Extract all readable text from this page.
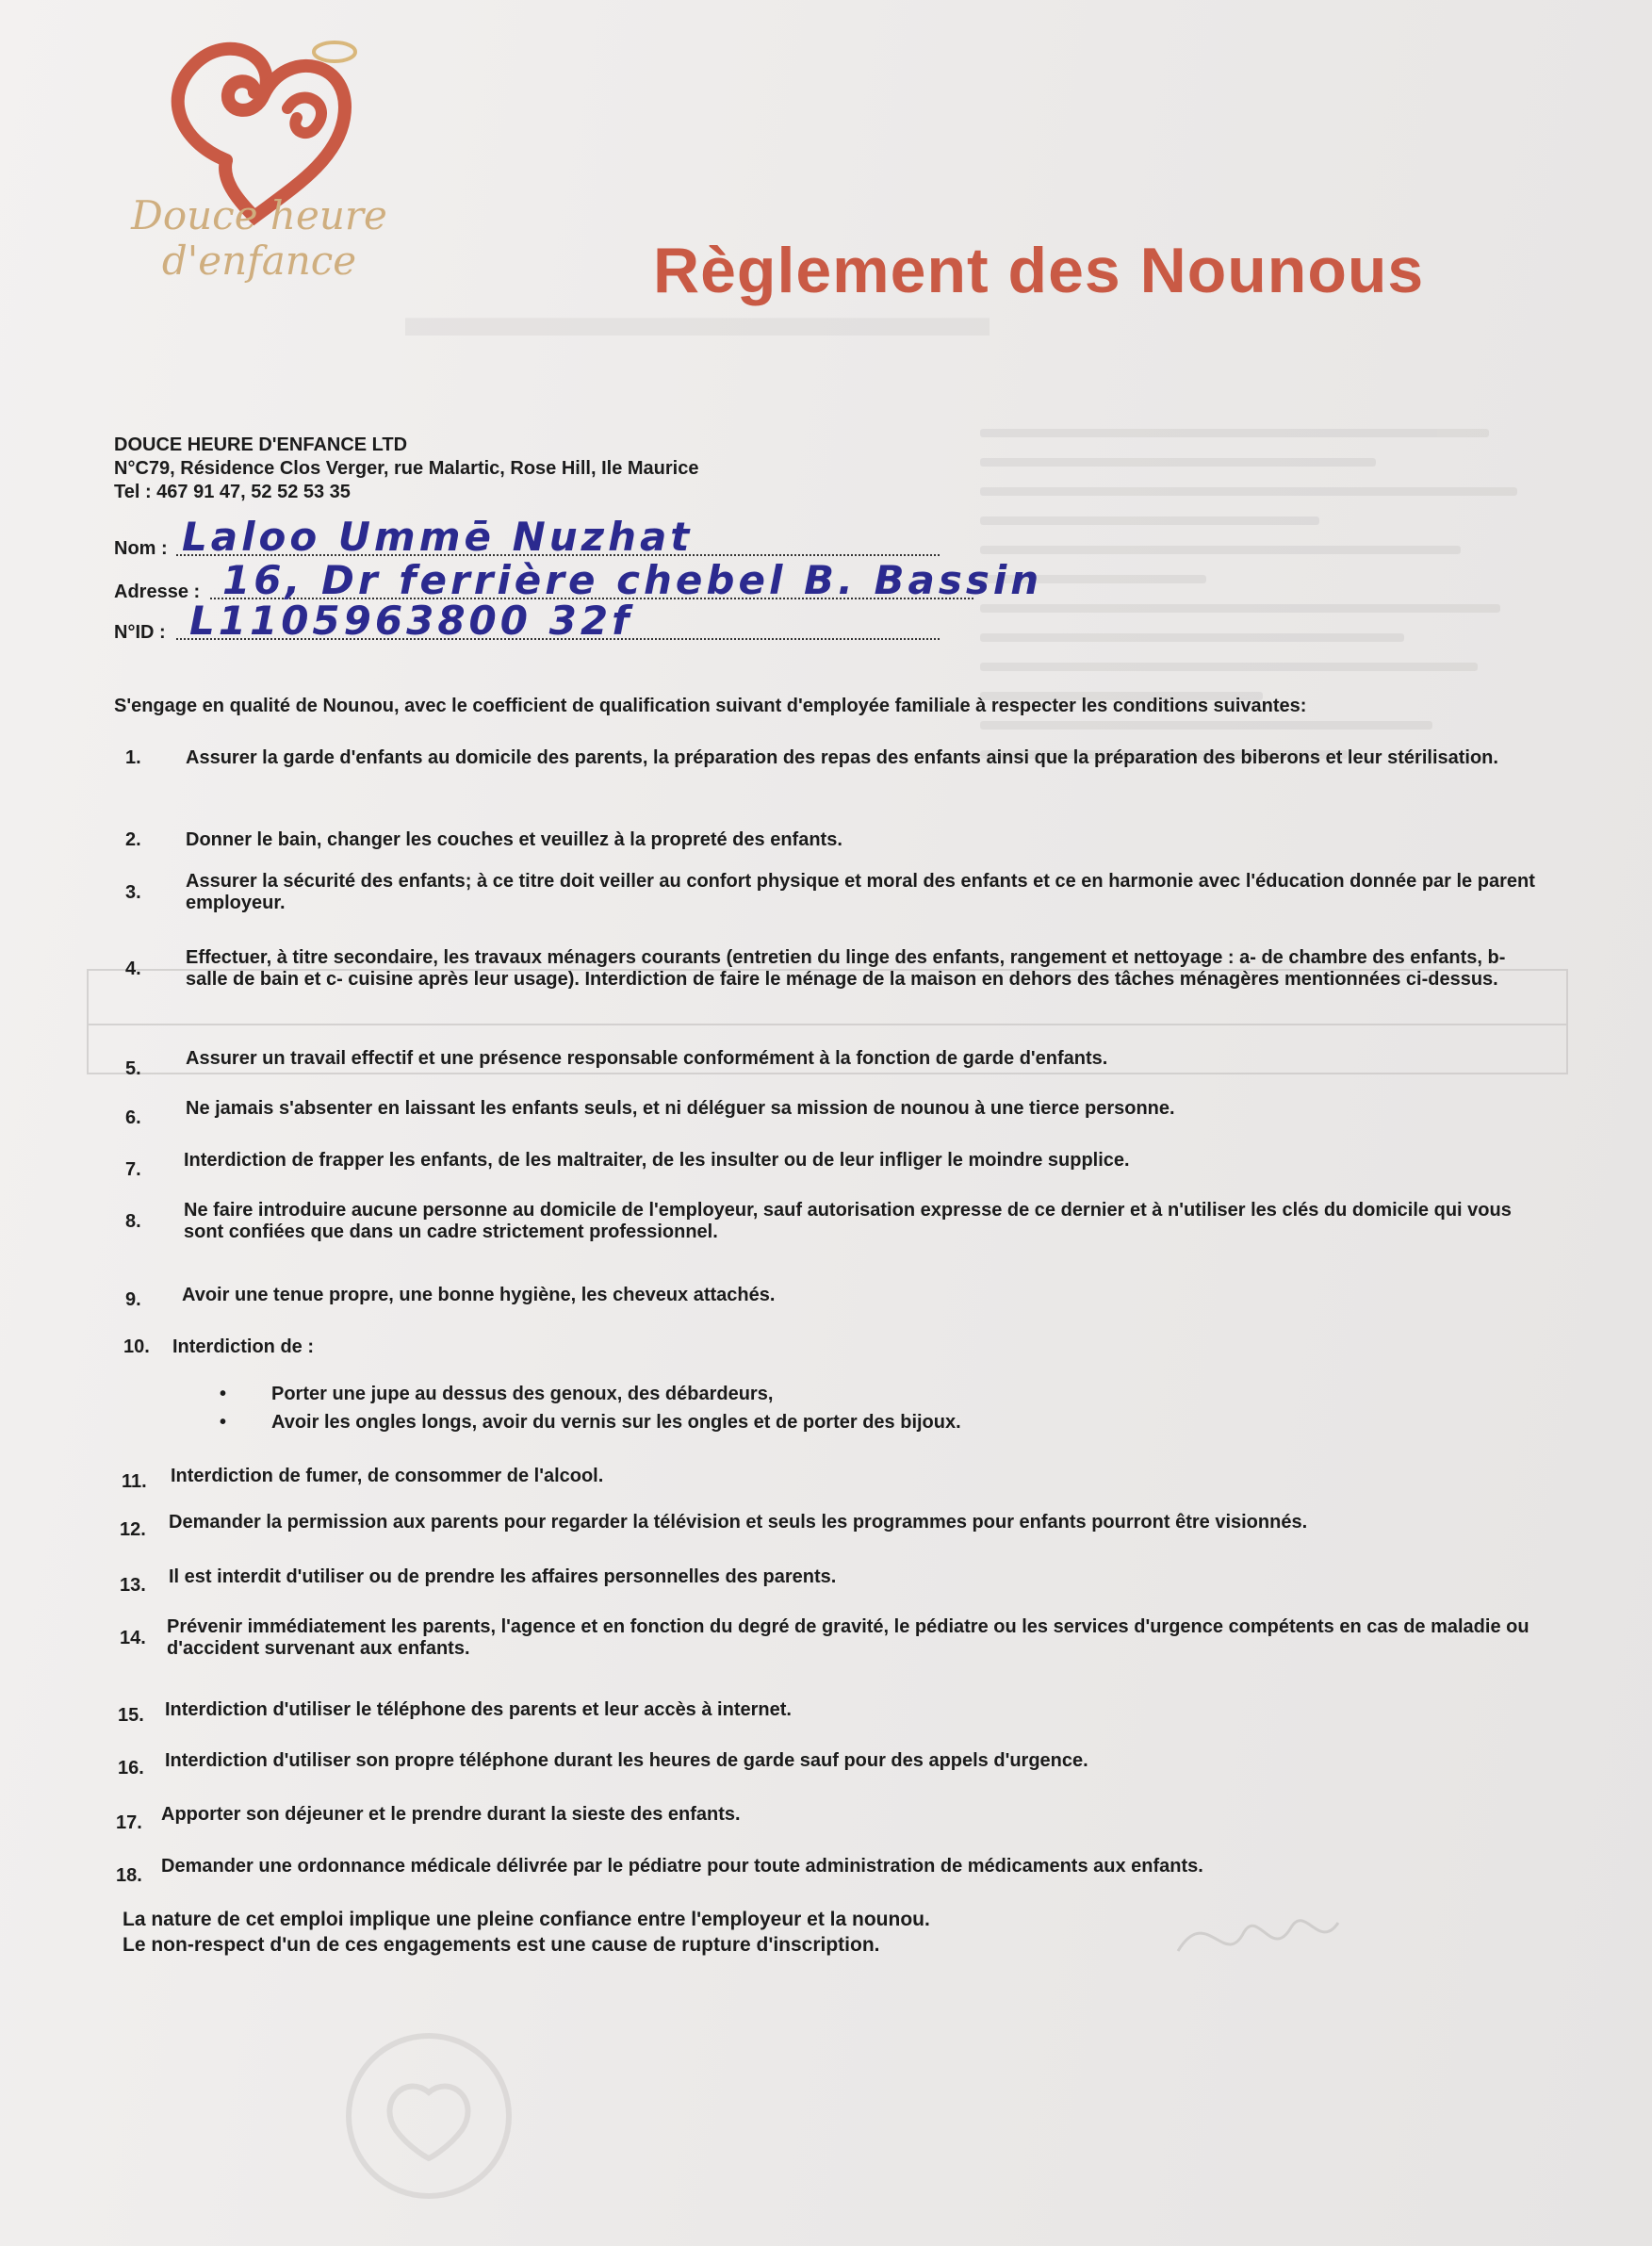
▬▬▬▬▬▬▬▬▬▬
Douce heure
d'enfance	Règlement des Nounous
DOUCE HEURE D'ENFANCE LTD
N°C79, Résidence Clos Verger, rue Malartic, Rose Hill, Ile Maurice
Tel : 467 91 47, 52 52 53 35
Nom : Laloo Ummē Nuzhat
Adresse : 16, Dr ferrière chebel B. Bassin
N°ID : L1105963800 32f
S'engage en qualité de Nounou, avec le coefficient de qualification suivant d'employée familiale à respecter les conditions suivantes:
1. Assurer la garde d'enfants au domicile des parents, la préparation des repas des enfants ainsi que la préparation des biberons et leur stérilisation.
2. Donner le bain, changer les couches et veuillez à la propreté des enfants.
3.
Assurer la sécurité des enfants; à ce titre doit veiller au confort physique et moral des enfants et ce en harmonie avec l'éducation donnée par le parent employeur.
4.
Effectuer, à titre secondaire, les travaux ménagers courants (entretien du linge des enfants, rangement et nettoyage : a- de chambre des enfants, b- salle de bain et c- cuisine après leur usage). Interdiction de faire le ménage de la maison en dehors des tâches ménagères mentionnées ci-dessus.
5. Assurer un travail effectif et une présence responsable conformément à la fonction de garde d'enfants.
6. Ne jamais s'absenter en laissant les enfants seuls, et ni déléguer sa mission de nounou à une tierce personne.
7. Interdiction de frapper les enfants, de les maltraiter, de les insulter ou de leur infliger le moindre supplice.
8.
Ne faire introduire aucune personne au domicile de l'employeur, sauf autorisation expresse de ce dernier et à n'utiliser les clés du domicile qui vous sont confiées que dans un cadre strictement professionnel.
9. Avoir une tenue propre, une bonne hygiène, les cheveux attachés.
10. Interdiction de :
• Porter une jupe au dessus des genoux, des débardeurs,
• Avoir les ongles longs, avoir du vernis sur les ongles et de porter des bijoux.
11. Interdiction de fumer, de consommer de l'alcool.
12. Demander la permission aux parents pour regarder la télévision et seuls les programmes pour enfants pourront être visionnés.
13. Il est interdit d'utiliser ou de prendre les affaires personnelles des parents.
14.
Prévenir immédiatement les parents, l'agence et en fonction du degré de gravité, le pédiatre ou les services d'urgence compétents en cas de maladie ou d'accident survenant aux enfants.
15. Interdiction d'utiliser le téléphone des parents et leur accès à internet.
16. Interdiction d'utiliser son propre téléphone durant les heures de garde sauf pour des appels d'urgence.
17. Apporter son déjeuner et le prendre durant la sieste des enfants.
18. Demander une ordonnance médicale délivrée par le pédiatre pour toute administration de médicaments aux enfants.
La nature de cet emploi implique une pleine confiance entre l'employeur et la nounou.
Le non-respect d'un de ces engagements est une cause de rupture d'inscription.
